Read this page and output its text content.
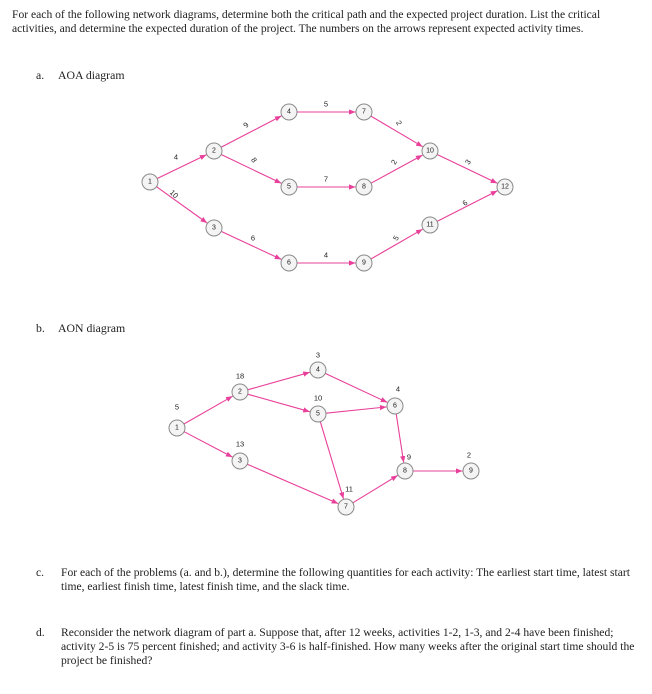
For each of the following network diagrams, determine both the critical path and the expected project duration. List the critical activities, and determine the expected duration of the project. The numbers on the arrows represent expected activity times.

a. AOA diagram
b. AON diagram
4
10
9
8
6
5
7
4
2
2
5
3
6
1
2
3
4
5
6
7
8
9
10
11
12
1
5
2
18
3
13
4
3
5
10
6
4
7
11
8
9
9
2
c. For each of the problems (a. and b.), determine the following quantities for each activity: The earliest start time, latest start time, earliest finish time, latest finish time, and the slack time.
d. Reconsider the network diagram of part a. Suppose that, after 12 weeks, activities 1-2, 1-3, and 2-4 have been finished; activity 2-5 is 75 percent finished; and activity 3-6 is half-finished. How many weeks after the original start time should the project be finished?
